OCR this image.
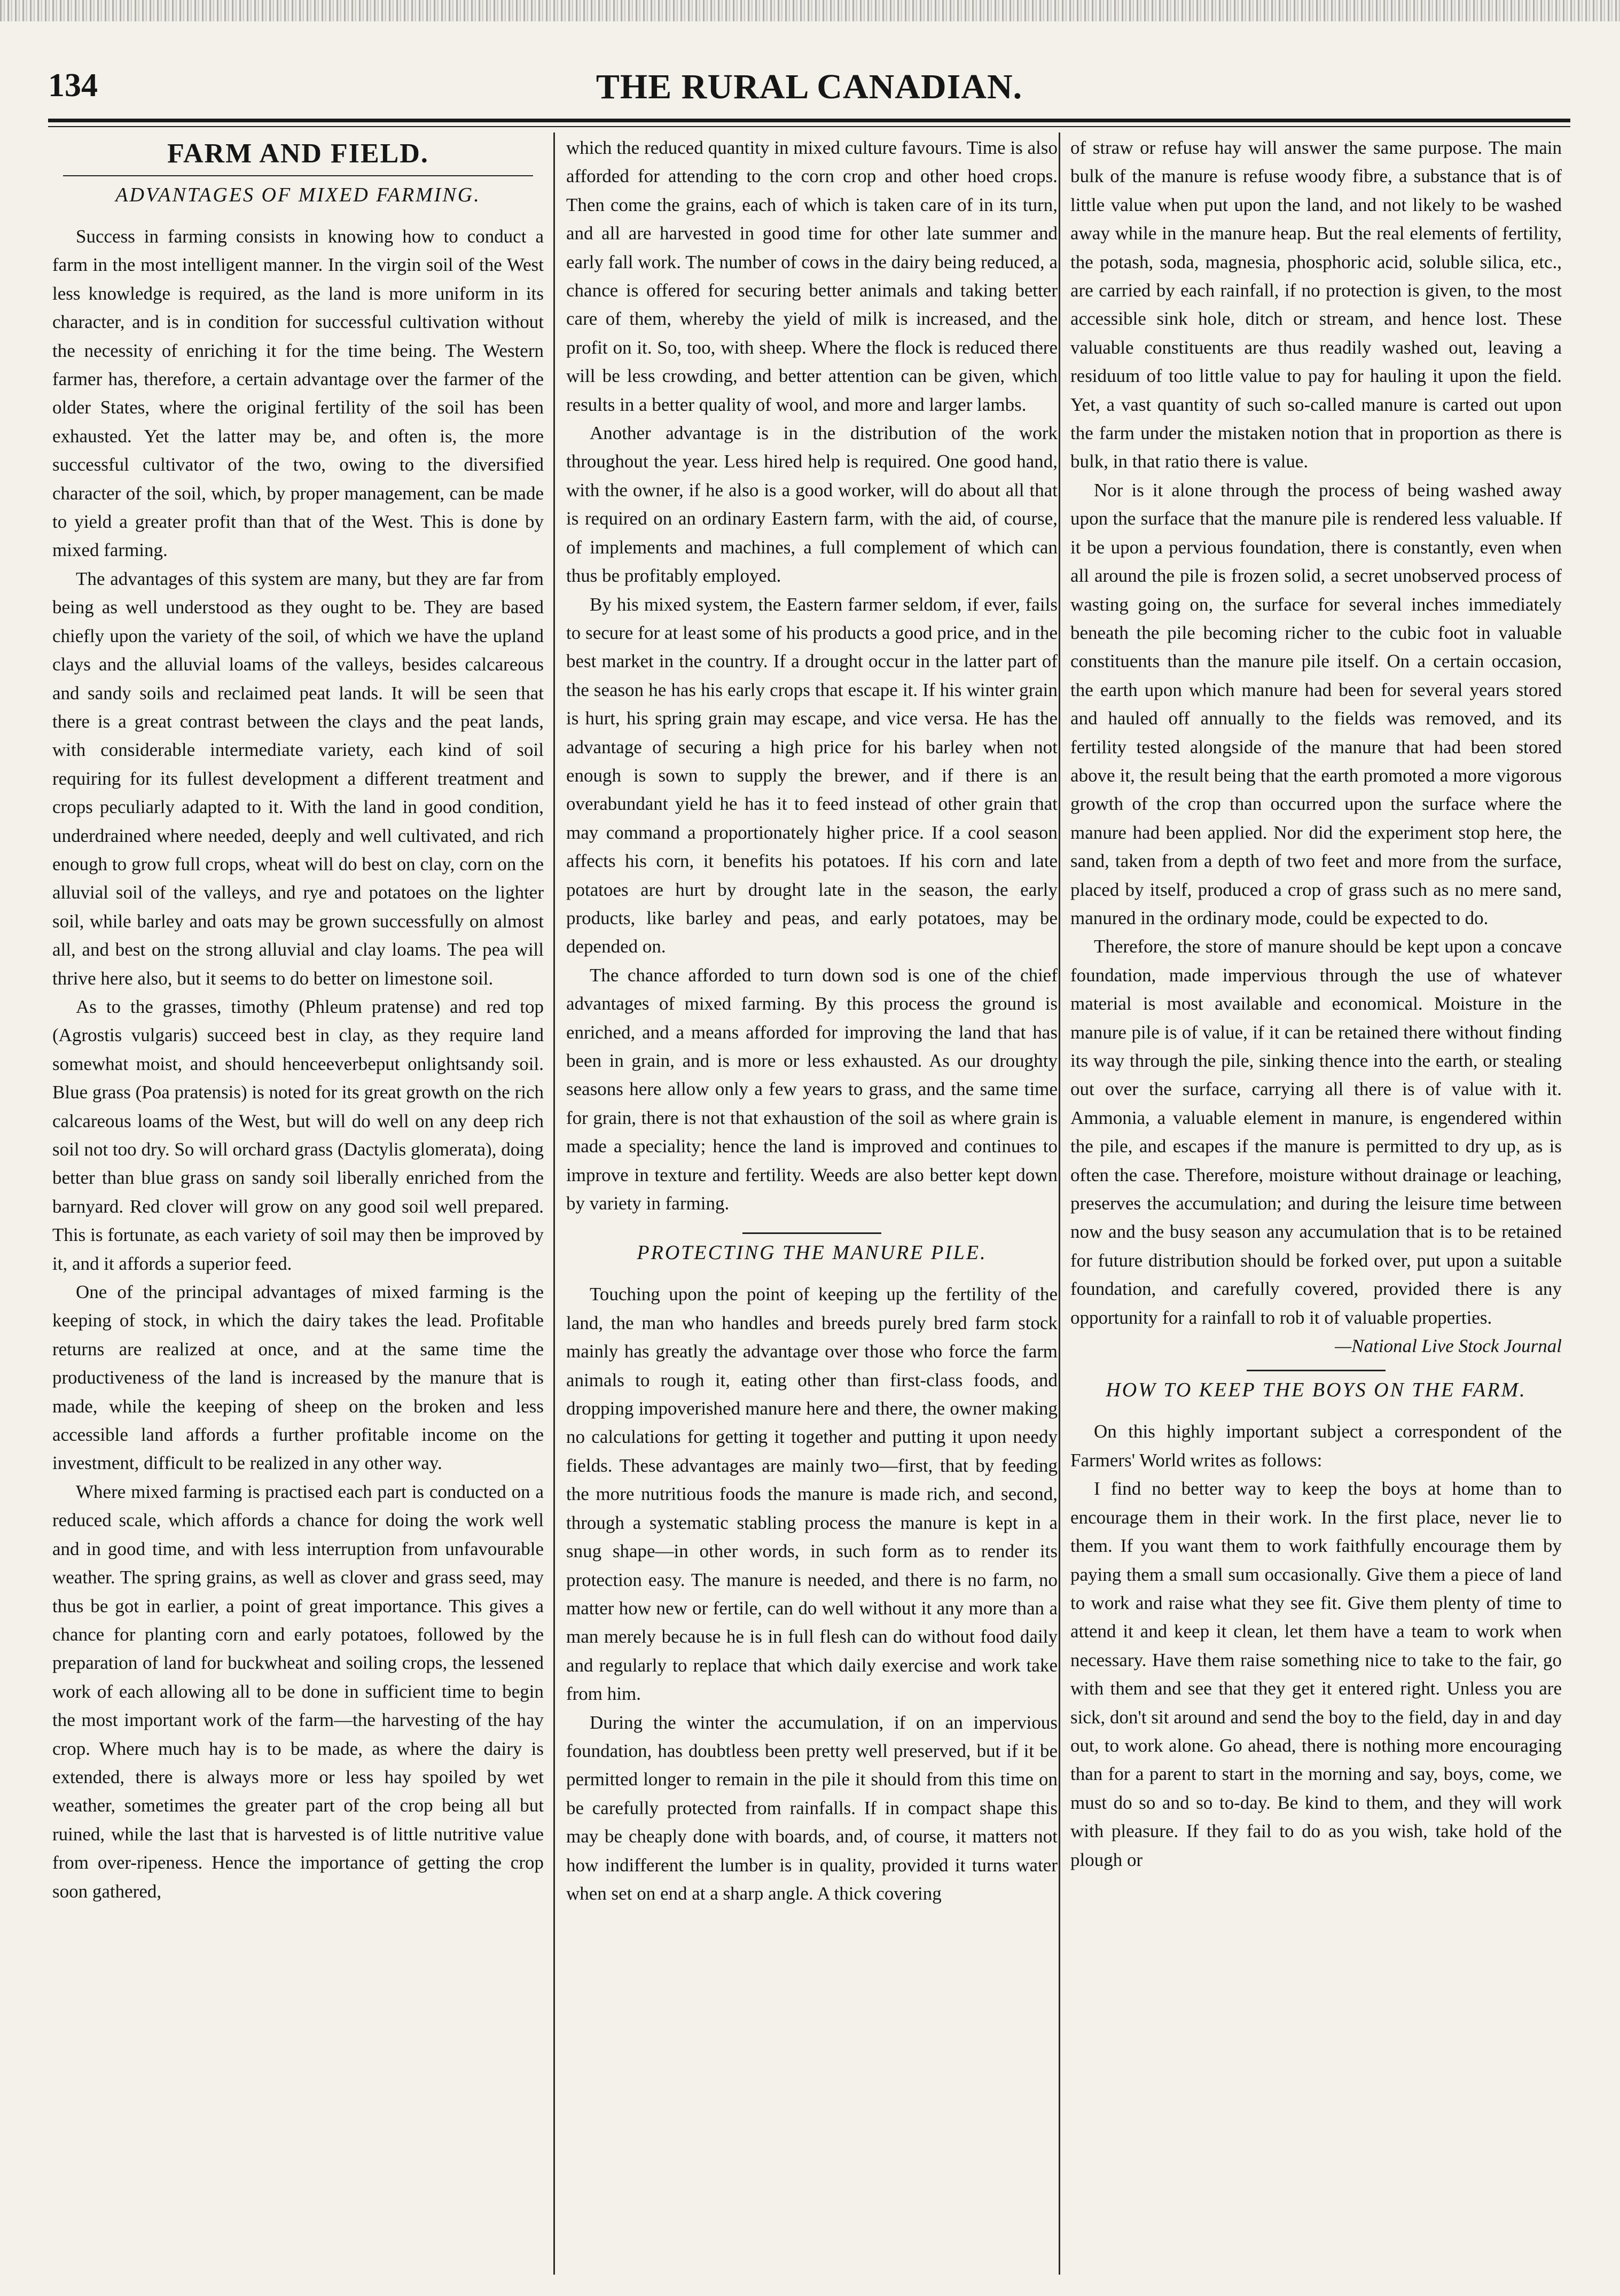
134	THE RURAL CANADIAN.
FARM AND FIELD.
ADVANTAGES OF MIXED FARMING.

Success in farming consists in knowing how to conduct a farm in the most intelligent manner. In the virgin soil of the West less knowledge is required, as the land is more uniform in its character, and is in condition for successful cultivation without the necessity of enriching it for the time being. The Western farmer has, therefore, a certain advantage over the farmer of the older States, where the original fertility of the soil has been exhausted. Yet the latter may be, and often is, the more successful cultivator of the two, owing to the diversified character of the soil, which, by proper management, can be made to yield a greater profit than that of the West. This is done by mixed farming.

The advantages of this system are many, but they are far from being as well understood as they ought to be. They are based chiefly upon the variety of the soil, of which we have the upland clays and the alluvial loams of the valleys, besides calcareous and sandy soils and reclaimed peat lands. It will be seen that there is a great contrast between the clays and the peat lands, with considerable intermediate variety, each kind of soil requiring for its fullest development a different treatment and crops peculiarly adapted to it. With the land in good condition, underdrained where needed, deeply and well cultivated, and rich enough to grow full crops, wheat will do best on clay, corn on the alluvial soil of the valleys, and rye and potatoes on the lighter soil, while barley and oats may be grown successfully on almost all, and best on the strong alluvial and clay loams. The pea will thrive here also, but it seems to do better on limestone soil.

As to the grasses, timothy (Phleum pratense) and red top (Agrostis vulgaris) succeed best in clay, as they require land somewhat moist, and should henceeverbeput onlightsandy soil. Blue grass (Poa pratensis) is noted for its great growth on the rich calcareous loams of the West, but will do well on any deep rich soil not too dry. So will orchard grass (Dactylis glomerata), doing better than blue grass on sandy soil liberally enriched from the barnyard. Red clover will grow on any good soil well prepared. This is fortunate, as each variety of soil may then be improved by it, and it affords a superior feed.

One of the principal advantages of mixed farming is the keeping of stock, in which the dairy takes the lead. Profitable returns are realized at once, and at the same time the productiveness of the land is increased by the manure that is made, while the keeping of sheep on the broken and less accessible land affords a further profitable income on the investment, difficult to be realized in any other way.

Where mixed farming is practised each part is conducted on a reduced scale, which affords a chance for doing the work well and in good time, and with less interruption from unfavourable weather. The spring grains, as well as clover and grass seed, may thus be got in earlier, a point of great importance. This gives a chance for planting corn and early potatoes, followed by the preparation of land for buckwheat and soiling crops, the lessened work of each allowing all to be done in sufficient time to begin the most important work of the farm—the harvesting of the hay crop. Where much hay is to be made, as where the dairy is extended, there is always more or less hay spoiled by wet weather, sometimes the greater part of the crop being all but ruined, while the last that is harvested is of little nutritive value from over-ripeness. Hence the importance of getting the crop soon gathered,

which the reduced quantity in mixed culture favours. Time is also afforded for attending to the corn crop and other hoed crops. Then come the grains, each of which is taken care of in its turn, and all are harvested in good time for other late summer and early fall work. The number of cows in the dairy being reduced, a chance is offered for securing better animals and taking better care of them, whereby the yield of milk is increased, and the profit on it. So, too, with sheep. Where the flock is reduced there will be less crowding, and better attention can be given, which results in a better quality of wool, and more and larger lambs.

Another advantage is in the distribution of the work throughout the year. Less hired help is required. One good hand, with the owner, if he also is a good worker, will do about all that is required on an ordinary Eastern farm, with the aid, of course, of implements and machines, a full complement of which can thus be profitably employed.

By his mixed system, the Eastern farmer seldom, if ever, fails to secure for at least some of his products a good price, and in the best market in the country. If a drought occur in the latter part of the season he has his early crops that escape it. If his winter grain is hurt, his spring grain may escape, and vice versa. He has the advantage of securing a high price for his barley when not enough is sown to supply the brewer, and if there is an overabundant yield he has it to feed instead of other grain that may command a proportionately higher price. If a cool season affects his corn, it benefits his potatoes. If his corn and late potatoes are hurt by drought late in the season, the early products, like barley and peas, and early potatoes, may be depended on.

The chance afforded to turn down sod is one of the chief advantages of mixed farming. By this process the ground is enriched, and a means afforded for improving the land that has been in grain, and is more or less exhausted. As our droughty seasons here allow only a few years to grass, and the same time for grain, there is not that exhaustion of the soil as where grain is made a speciality; hence the land is improved and continues to improve in texture and fertility. Weeds are also better kept down by variety in farming.

PROTECTING THE MANURE PILE.

Touching upon the point of keeping up the fertility of the land, the man who handles and breeds purely bred farm stock mainly has greatly the advantage over those who force the farm animals to rough it, eating other than first-class foods, and dropping impoverished manure here and there, the owner making no calculations for getting it together and putting it upon needy fields. These advantages are mainly two—first, that by feeding the more nutritious foods the manure is made rich, and second, through a systematic stabling process the manure is kept in a snug shape—in other words, in such form as to render its protection easy. The manure is needed, and there is no farm, no matter how new or fertile, can do well without it any more than a man merely because he is in full flesh can do without food daily and regularly to replace that which daily exercise and work take from him.

During the winter the accumulation, if on an impervious foundation, has doubtless been pretty well preserved, but if it be permitted longer to remain in the pile it should from this time on be carefully protected from rainfalls. If in compact shape this may be cheaply done with boards, and, of course, it matters not how indifferent the lumber is in quality, provided it turns water when set on end at a sharp angle. A thick covering

of straw or refuse hay will answer the same purpose. The main bulk of the manure is refuse woody fibre, a substance that is of little value when put upon the land, and not likely to be washed away while in the manure heap. But the real elements of fertility, the potash, soda, magnesia, phosphoric acid, soluble silica, etc., are carried by each rainfall, if no protection is given, to the most accessible sink hole, ditch or stream, and hence lost. These valuable constituents are thus readily washed out, leaving a residuum of too little value to pay for hauling it upon the field. Yet, a vast quantity of such so-called manure is carted out upon the farm under the mistaken notion that in proportion as there is bulk, in that ratio there is value.

Nor is it alone through the process of being washed away upon the surface that the manure pile is rendered less valuable. If it be upon a pervious foundation, there is constantly, even when all around the pile is frozen solid, a secret unobserved process of wasting going on, the surface for several inches immediately beneath the pile becoming richer to the cubic foot in valuable constituents than the manure pile itself. On a certain occasion, the earth upon which manure had been for several years stored and hauled off annually to the fields was removed, and its fertility tested alongside of the manure that had been stored above it, the result being that the earth promoted a more vigorous growth of the crop than occurred upon the surface where the manure had been applied. Nor did the experiment stop here, the sand, taken from a depth of two feet and more from the surface, placed by itself, produced a crop of grass such as no mere sand, manured in the ordinary mode, could be expected to do.

Therefore, the store of manure should be kept upon a concave foundation, made impervious through the use of whatever material is most available and economical. Moisture in the manure pile is of value, if it can be retained there without finding its way through the pile, sinking thence into the earth, or stealing out over the surface, carrying all there is of value with it. Ammonia, a valuable element in manure, is engendered within the pile, and escapes if the manure is permitted to dry up, as is often the case. Therefore, moisture without drainage or leaching, preserves the accumulation; and during the leisure time between now and the busy season any accumulation that is to be retained for future distribution should be forked over, put upon a suitable foundation, and carefully covered, provided there is any opportunity for a rainfall to rob it of valuable properties.

—National Live Stock Journal

HOW TO KEEP THE BOYS ON THE FARM.

On this highly important subject a correspondent of the Farmers' World writes as follows:

I find no better way to keep the boys at home than to encourage them in their work. In the first place, never lie to them. If you want them to work faithfully encourage them by paying them a small sum occasionally. Give them a piece of land to work and raise what they see fit. Give them plenty of time to attend it and keep it clean, let them have a team to work when necessary. Have them raise something nice to take to the fair, go with them and see that they get it entered right. Unless you are sick, don't sit around and send the boy to the field, day in and day out, to work alone. Go ahead, there is nothing more encouraging than for a parent to start in the morning and say, boys, come, we must do so and so to-day. Be kind to them, and they will work with pleasure. If they fail to do as you wish, take hold of the plough or
